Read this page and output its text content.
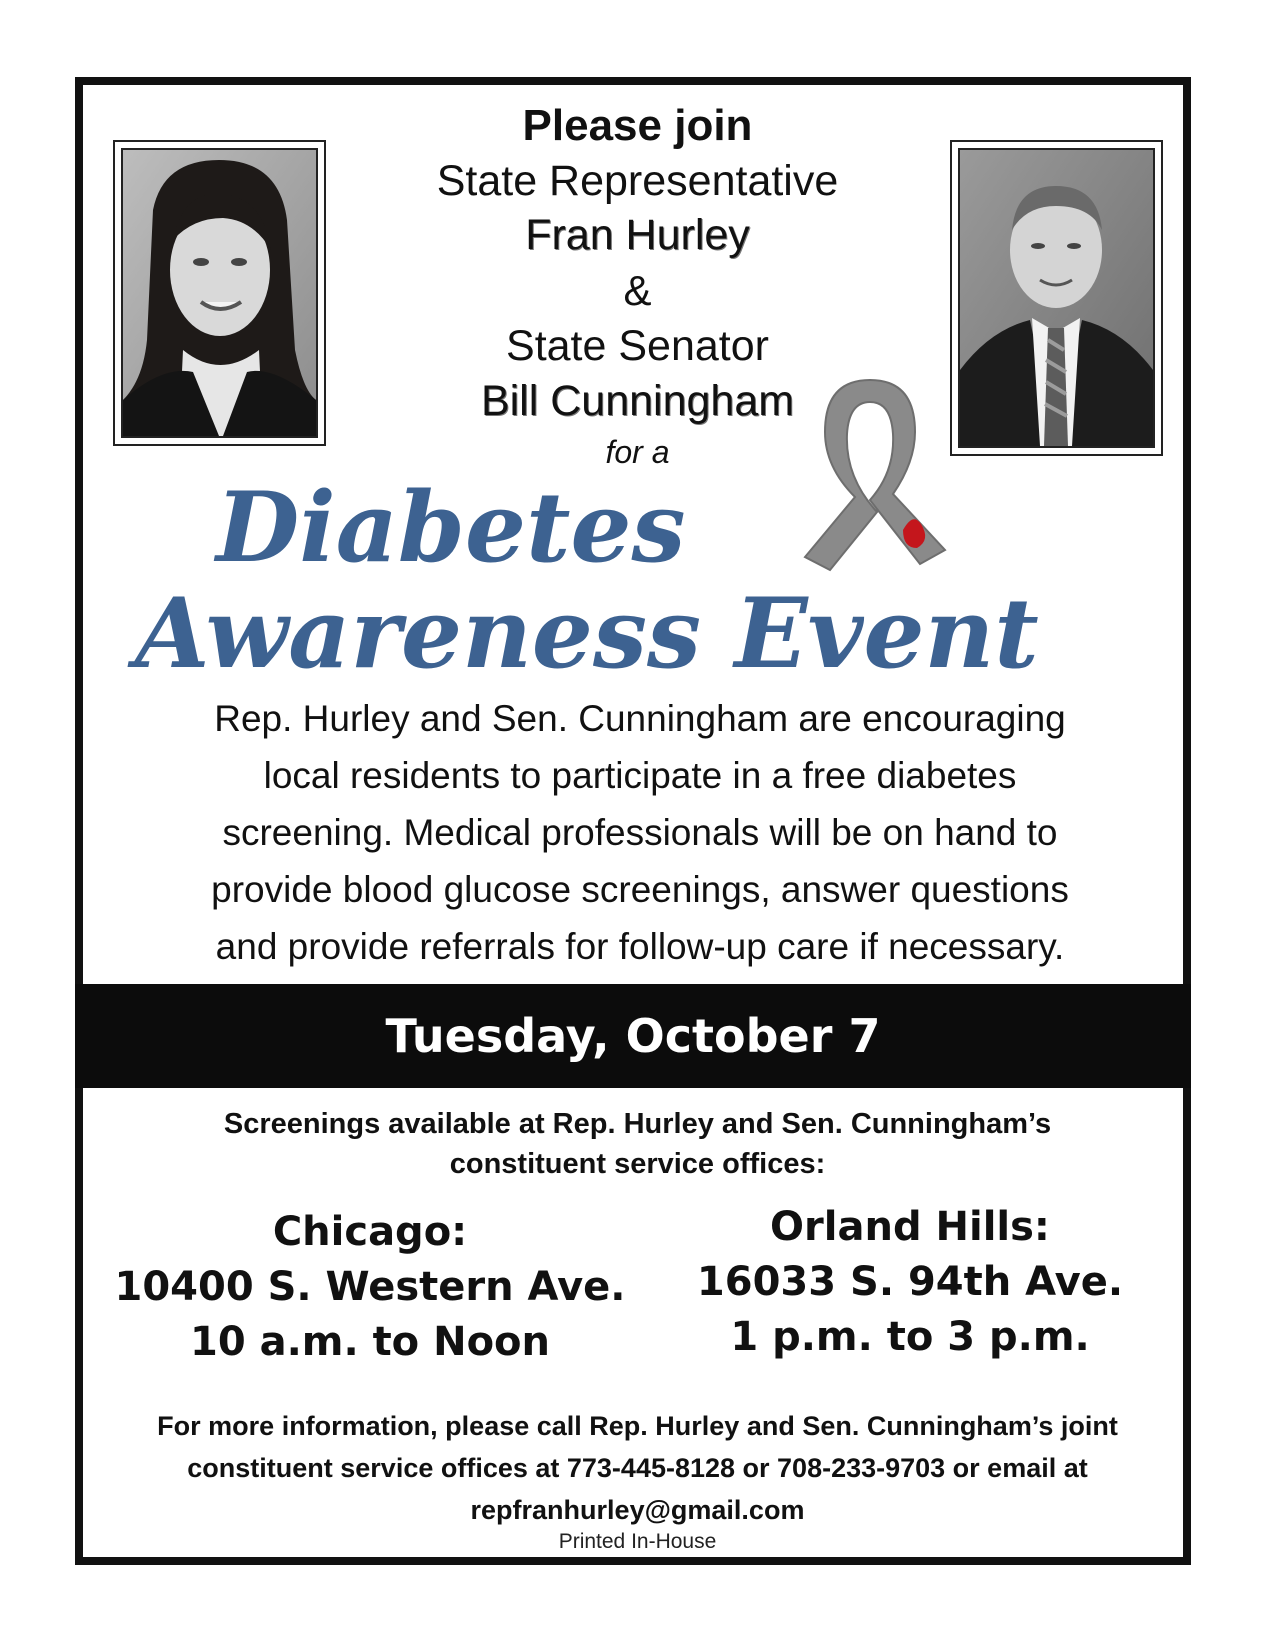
Please join
State Representative
Fran Hurley
&
State Senator
Bill Cunningham
for a
Diabetes
Awareness Event
Rep. Hurley and Sen. Cunningham are encouraging
local residents to participate in a free diabetes
screening. Medical professionals will be on hand to
provide blood glucose screenings, answer questions
and provide referrals for follow-up care if necessary.
Tuesday, October 7
Screenings available at Rep. Hurley and Sen. Cunningham’s
constituent service offices:
Chicago:
10400 S. Western Ave.
10 a.m. to Noon
Orland Hills:
16033 S. 94th Ave.
1 p.m. to 3 p.m.
For more information, please call Rep. Hurley and Sen. Cunningham’s joint
constituent service offices at 773-445-8128 or 708-233-9703 or email at
repfranhurley@gmail.com
Printed In-House
